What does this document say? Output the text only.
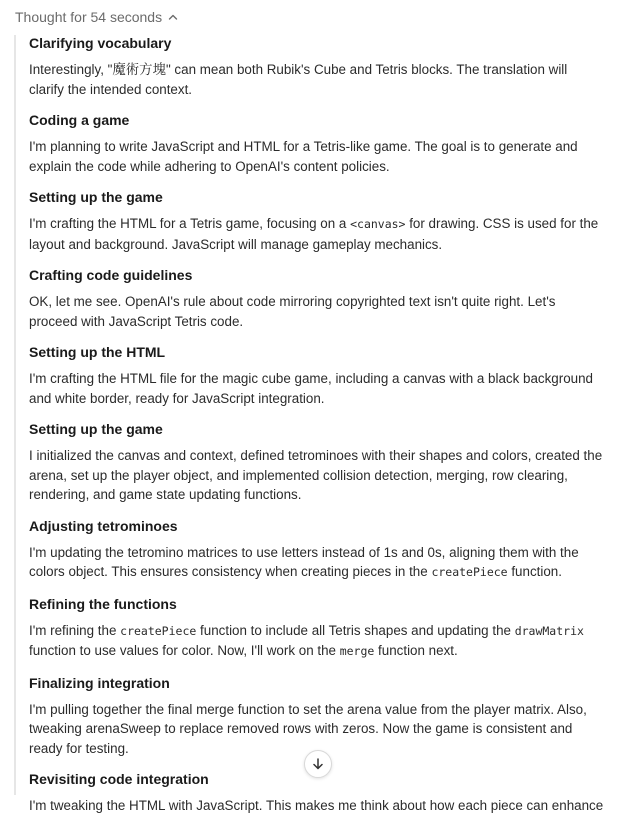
Thought for 54 seconds
Clarifying vocabulary

Interestingly, "魔術方塊" can mean both Rubik's Cube and Tetris blocks. The translation will clarify the intended context.

Coding a game

I'm planning to write JavaScript and HTML for a Tetris-like game. The goal is to generate and explain the code while adhering to OpenAI's content policies.

Setting up the game

I'm crafting the HTML for a Tetris game, focusing on a <canvas> for drawing. CSS is used for the layout and background. JavaScript will manage gameplay mechanics.

Crafting code guidelines

OK, let me see. OpenAI's rule about code mirroring copyrighted text isn't quite right. Let's proceed with JavaScript Tetris code.

Setting up the HTML

I'm crafting the HTML file for the magic cube game, including a canvas with a black background and white border, ready for JavaScript integration.

Setting up the game

I initialized the canvas and context, defined tetrominoes with their shapes and colors, created the arena, set up the player object, and implemented collision detection, merging, row clearing, rendering, and game state updating functions.

Adjusting tetrominoes

I'm updating the tetromino matrices to use letters instead of 1s and 0s, aligning them with the colors object. This ensures consistency when creating pieces in the createPiece function.

Refining the functions

I'm refining the createPiece function to include all Tetris shapes and updating the drawMatrix function to use values for color. Now, I'll work on the merge function next.

Finalizing integration

I'm pulling together the final merge function to set the arena value from the player matrix. Also, tweaking arenaSweep to replace removed rows with zeros. Now the game is consistent and ready for testing.

Revisiting code integration

I'm tweaking the HTML with JavaScript. This makes me think about how each piece can enhance
